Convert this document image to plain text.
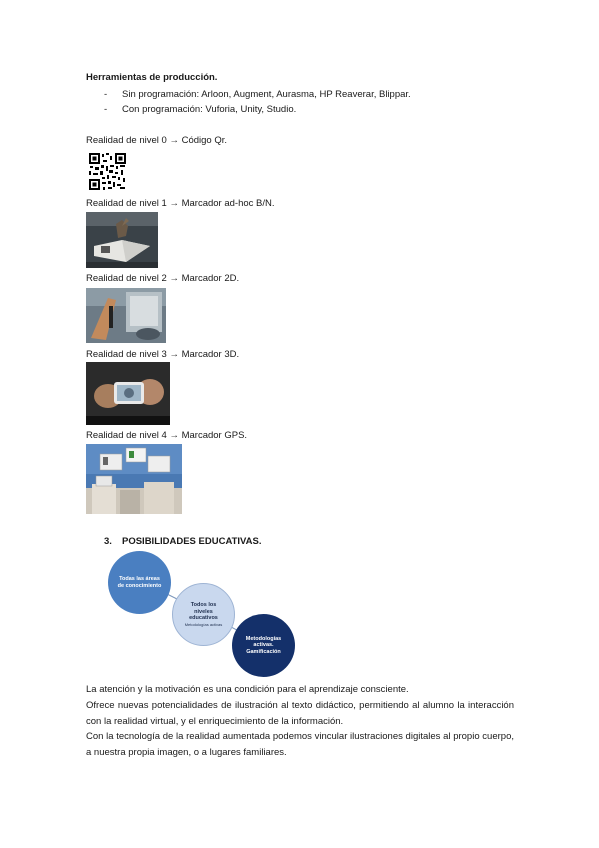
Herramientas de producción.
- Sin programación: Arloon, Augment, Aurasma, HP Reaverar, Blippar.
- Con programación: Vuforia, Unity, Studio.
Realidad de nivel 0 → Código Qr.
Realidad de nivel 1 → Marcador ad-hoc B/N.
Realidad de nivel 2 → Marcador 2D.
Realidad de nivel 3 → Marcador 3D.
Realidad de nivel 4 → Marcador GPS.
3. POSIBILIDADES EDUCATIVAS.
Todas las áreas de conocimiento
Todos los niveles educativos
Metodologías activas
Metodologías activas. Gamificación
La atención y la motivación es una condición para el aprendizaje consciente.
Ofrece nuevas potencialidades de ilustración al texto didáctico, permitiendo al alumno la interacción con la realidad virtual, y el enriquecimiento de la información.
Con la tecnología de la realidad aumentada podemos vincular ilustraciones digitales al propio cuerpo, a nuestra propia imagen, o a lugares familiares.
